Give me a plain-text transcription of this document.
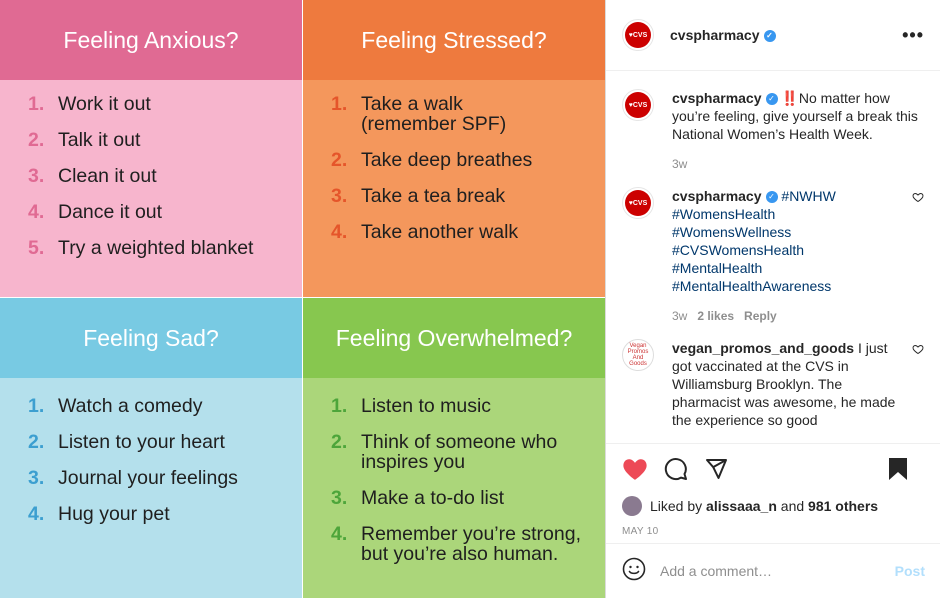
Feeling Anxious?
1. Work it out
2. Talk it out
3. Clean it out
4. Dance it out
5. Try a weighted blanket
Feeling Stressed?
1. Take a walk (remember SPF)
2. Take deep breathes
3. Take a tea break
4. Take another walk
Feeling Sad?
1. Watch a comedy
2. Listen to your heart
3. Journal your feelings
4. Hug your pet
Feeling Overwhelmed?
1. Listen to music
2. Think of someone who inspires you
3. Make a to-do list
4. Remember you’re strong, but you’re also human.
♥CVS cvspharmacy ✓	•••
♥CVS cvspharmacy ✓ ‼️No matter how you’re feeling, give yourself a break this National Women’s Health Week.
3w
♥CVS cvspharmacy ✓ #NWHW
#WomensHealth
#WomensWellness
#CVSWomensHealth
#MentalHealth
#MentalHealthAwareness
3w 2 likes Reply
Vegan Promos And Goods
vegan_promos_and_goods I just got vaccinated at the CVS in Williamsburg Brooklyn. The pharmacist was awesome, he made the experience so good
Liked by
alissaaa_n
and
981 others
MAY 10
Add a comment…
Post
